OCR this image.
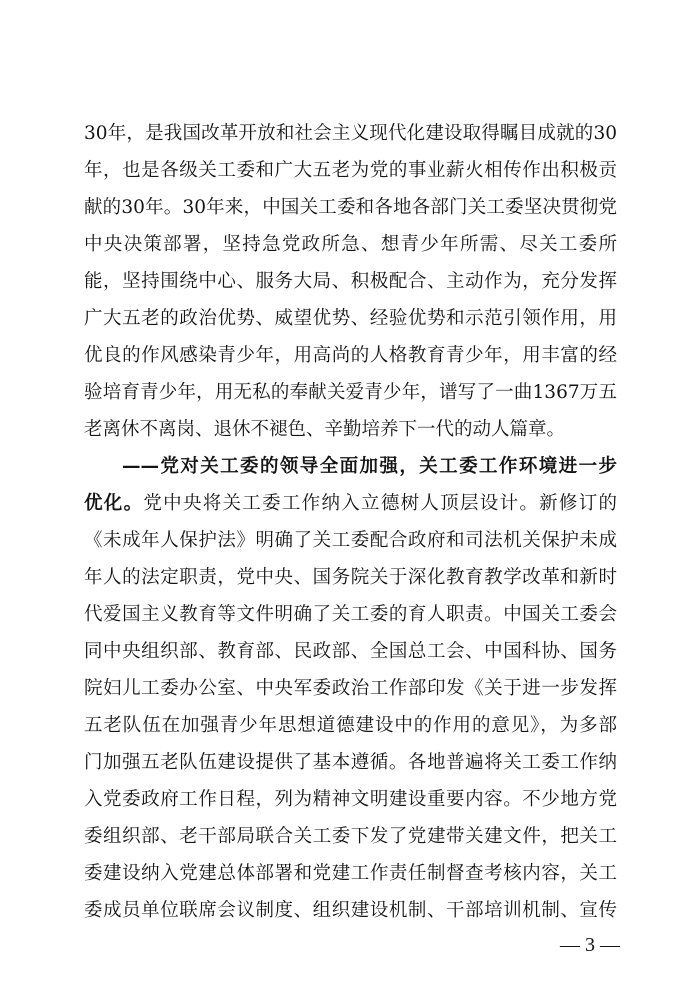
30年，是我国改革开放和社会主义现代化建设取得瞩目成就的30
年，也是各级关工委和广大五老为党的事业薪火相传作出积极贡
献的30年。30年来，中国关工委和各地各部门关工委坚决贯彻党
中央决策部署，坚持急党政所急、想青少年所需、尽关工委所
能，坚持围绕中心、服务大局、积极配合、主动作为，充分发挥
广大五老的政治优势、威望优势、经验优势和示范引领作用，用
优良的作风感染青少年，用高尚的人格教育青少年，用丰富的经
验培育青少年，用无私的奉献关爱青少年，谱写了一曲1367万五
老离休不离岗、退休不褪色、辛勤培养下一代的动人篇章。
——党对关工委的领导全面加强，关工委工作环境进一步
优化。党中央将关工委工作纳入立德树人顶层设计。新修订的
《未成年人保护法》明确了关工委配合政府和司法机关保护未成
年人的法定职责，党中央、国务院关于深化教育教学改革和新时
代爱国主义教育等文件明确了关工委的育人职责。中国关工委会
同中央组织部、教育部、民政部、全国总工会、中国科协、国务
院妇儿工委办公室、中央军委政治工作部印发《关于进一步发挥
五老队伍在加强青少年思想道德建设中的作用的意见》，为多部
门加强五老队伍建设提供了基本遵循。各地普遍将关工委工作纳
入党委政府工作日程，列为精神文明建设重要内容。不少地方党
委组织部、老干部局联合关工委下发了党建带关建文件，把关工
委建设纳入党建总体部署和党建工作责任制督查考核内容，关工
委成员单位联席会议制度、组织建设机制、干部培训机制、宣传
— 3 —
